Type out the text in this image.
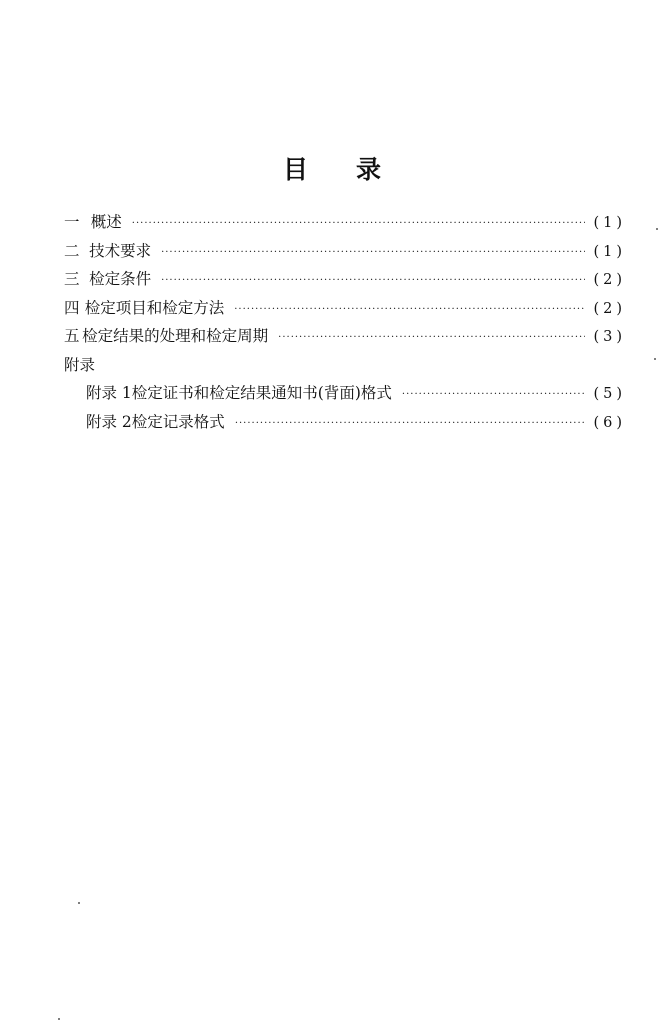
目 录
一 概述 ·····	(1)
二 技术要求 ·····	(1)
三 检定条件 ·····	(2)
四 检定项目和检定方法 ·····	(2)
五 检定结果的处理和检定周期 ·····	(3)
附录
附录 1 检定证书和检定结果通知书(背面)格式 ·····	(5)
附录 2 检定记录格式 ·····	(6)
